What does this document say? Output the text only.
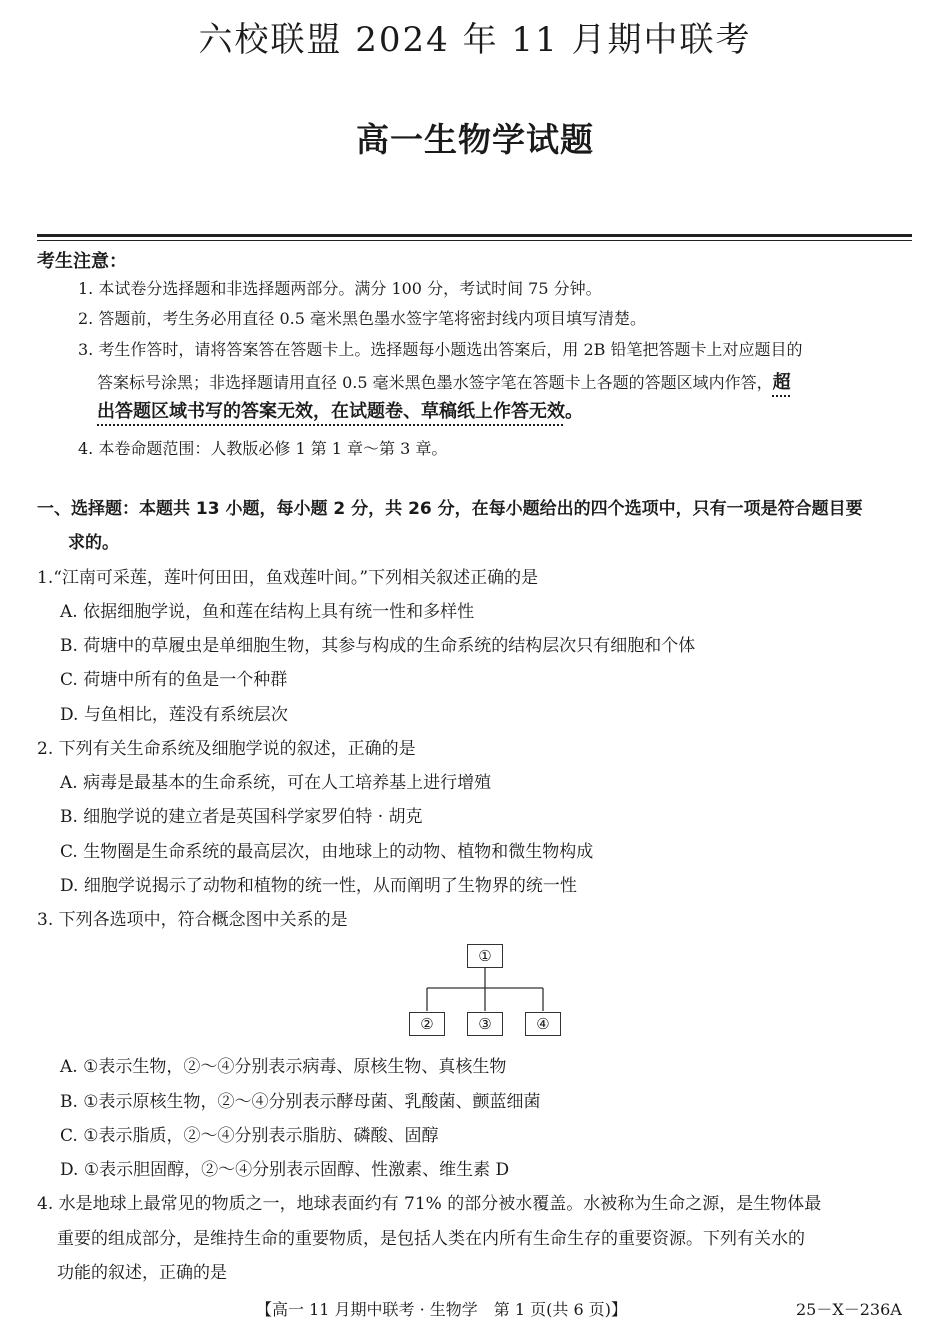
六校联盟 2024 年 11 月期中联考
高一生物学试题
考生注意：
1. 本试卷分选择题和非选择题两部分。满分 100 分，考试时间 75 分钟。
2. 答题前，考生务必用直径 0.5 毫米黑色墨水签字笔将密封线内项目填写清楚。
3. 考生作答时，请将答案答在答题卡上。选择题每小题选出答案后，用 2B 铅笔把答题卡上对应题目的
答案标号涂黑；非选择题请用直径 0.5 毫米黑色墨水签字笔在答题卡上各题的答题区域内作答，超
出答题区域书写的答案无效，在试题卷、草稿纸上作答无效。
4. 本卷命题范围：人教版必修 1 第 1 章～第 3 章。
一、选择题：本题共 13 小题，每小题 2 分，共 26 分，在每小题给出的四个选项中，只有一项是符合题目要
求的。
1.“江南可采莲，莲叶何田田，鱼戏莲叶间。”下列相关叙述正确的是
A. 依据细胞学说，鱼和莲在结构上具有统一性和多样性
B. 荷塘中的草履虫是单细胞生物，其参与构成的生命系统的结构层次只有细胞和个体
C. 荷塘中所有的鱼是一个种群
D. 与鱼相比，莲没有系统层次
2. 下列有关生命系统及细胞学说的叙述，正确的是
A. 病毒是最基本的生命系统，可在人工培养基上进行增殖
B. 细胞学说的建立者是英国科学家罗伯特 · 胡克
C. 生物圈是生命系统的最高层次，由地球上的动物、植物和微生物构成
D. 细胞学说揭示了动物和植物的统一性，从而阐明了生物界的统一性
3. 下列各选项中，符合概念图中关系的是
①
②	③	④
A. ①表示生物，②～④分别表示病毒、原核生物、真核生物
B. ①表示原核生物，②～④分别表示酵母菌、乳酸菌、颤蓝细菌
C. ①表示脂质，②～④分别表示脂肪、磷酸、固醇
D. ①表示胆固醇，②～④分别表示固醇、性激素、维生素 D
4. 水是地球上最常见的物质之一，地球表面约有 71% 的部分被水覆盖。水被称为生命之源，是生物体最
重要的组成部分，是维持生命的重要物质，是包括人类在内所有生命生存的重要资源。下列有关水的
功能的叙述，正确的是
【高一 11 月期中联考 · 生物学　第 1 页(共 6 页)】	25－X－236A
